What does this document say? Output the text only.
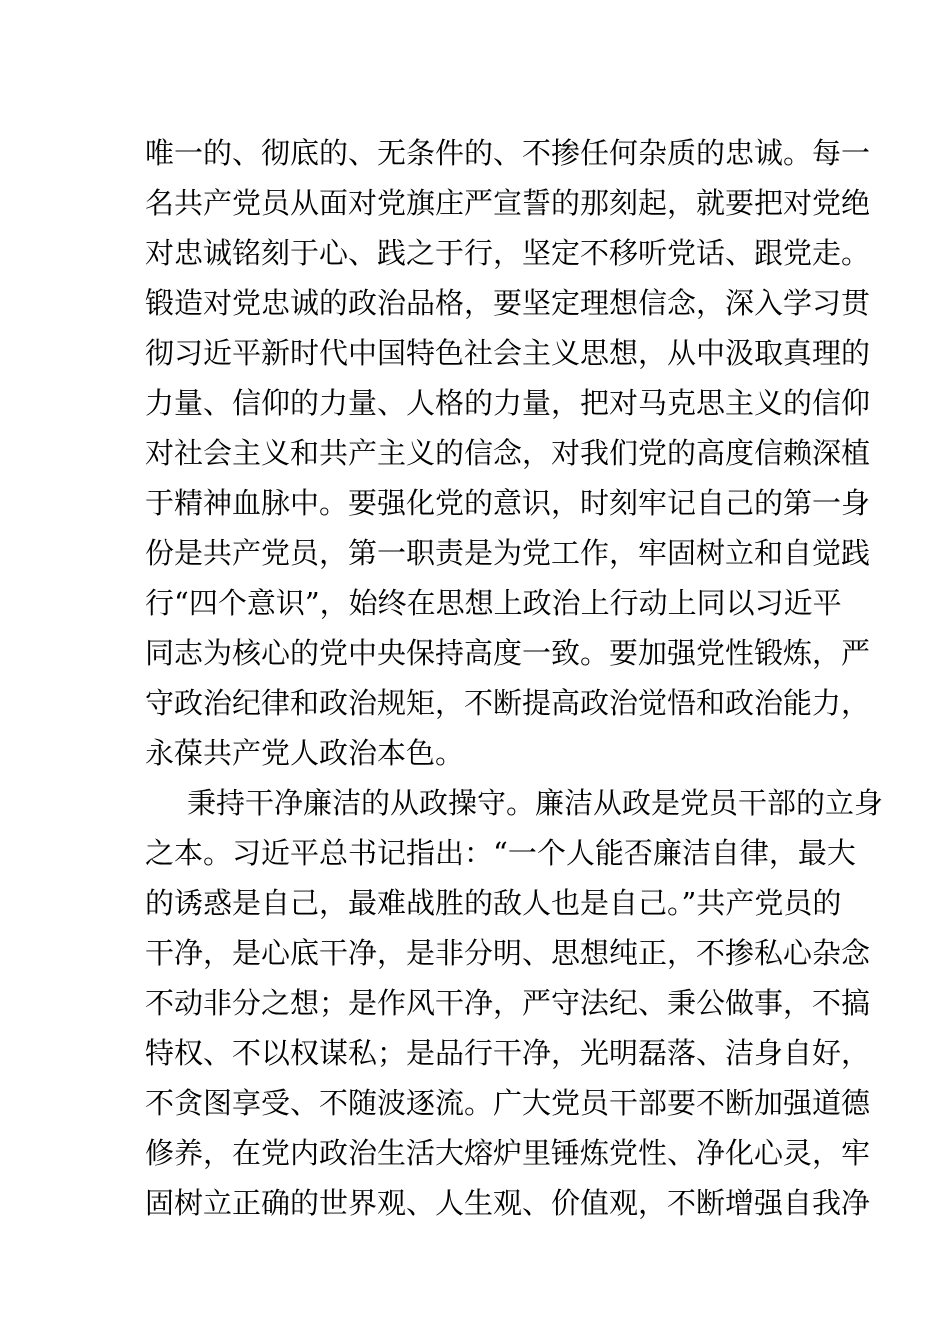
唯一的、彻底的、无条件的、不掺任何杂质的忠诚。每一
名共产党员从面对党旗庄严宣誓的那刻起，就要把对党绝
对忠诚铭刻于心、践之于行，坚定不移听党话、跟党走。
锻造对党忠诚的政治品格，要坚定理想信念，深入学习贯
彻习近平新时代中国特色社会主义思想，从中汲取真理的
力量、信仰的力量、人格的力量，把对马克思主义的信仰
对社会主义和共产主义的信念，对我们党的高度信赖深植
于精神血脉中。要强化党的意识，时刻牢记自己的第一身
份是共产党员，第一职责是为党工作，牢固树立和自觉践
行“四个意识”，始终在思想上政治上行动上同以习近平
同志为核心的党中央保持高度一致。要加强党性锻炼，严
守政治纪律和政治规矩，不断提高政治觉悟和政治能力，
永葆共产党人政治本色。
秉持干净廉洁的从政操守。廉洁从政是党员干部的立身
之本。习近平总书记指出：“一个人能否廉洁自律，最大
的诱惑是自己，最难战胜的敌人也是自己。”共产党员的
干净，是心底干净，是非分明、思想纯正，不掺私心杂念
不动非分之想；是作风干净，严守法纪、秉公做事，不搞
特权、不以权谋私；是品行干净，光明磊落、洁身自好，
不贪图享受、不随波逐流。广大党员干部要不断加强道德
修养，在党内政治生活大熔炉里锤炼党性、净化心灵，牢
固树立正确的世界观、人生观、价值观，不断增强自我净
